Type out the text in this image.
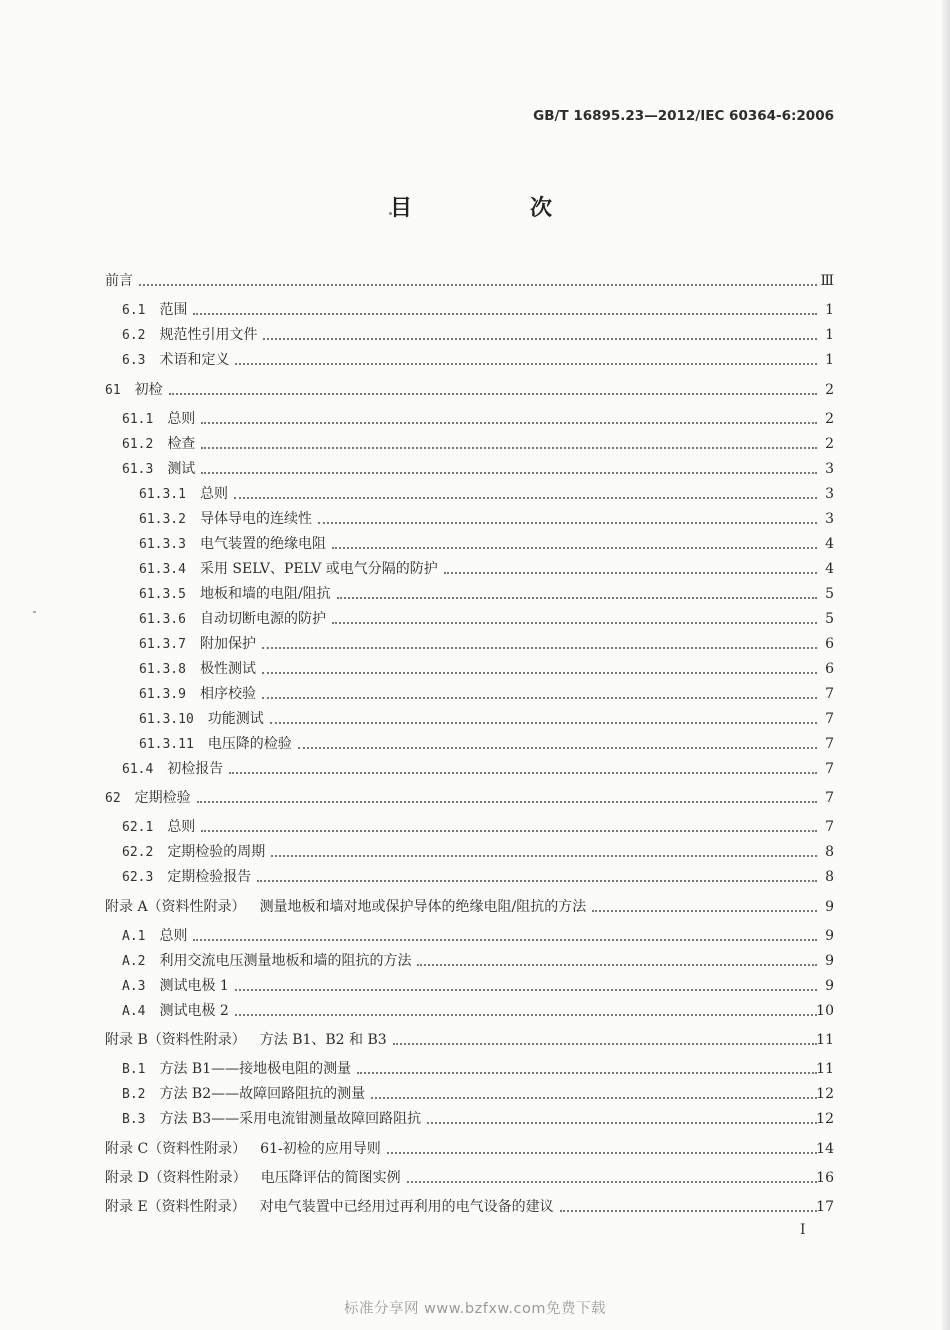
GB/T 16895.23—2012/IEC 60364-6:2006
目　次
前言	Ⅲ
6.1 范围	1
6.2 规范性引用文件	1
6.3 术语和定义	1
61 初检	2
61.1 总则	2
61.2 检查	2
61.3 测试	3
61.3.1 总则	3
61.3.2 导体导电的连续性	3
61.3.3 电气装置的绝缘电阻	4
61.3.4 采用 SELV、PELV 或电气分隔的防护	4
61.3.5 地板和墙的电阻/阻抗	5
61.3.6 自动切断电源的防护	5
61.3.7 附加保护	6
61.3.8 极性测试	6
61.3.9 相序校验	7
61.3.10 功能测试	7
61.3.11 电压降的检验	7
61.4 初检报告	7
62 定期检验	7
62.1 总则	7
62.2 定期检验的周期	8
62.3 定期检验报告	8
附录 A（资料性附录） 测量地板和墙对地或保护导体的绝缘电阻/阻抗的方法	9
A.1 总则	9
A.2 利用交流电压测量地板和墙的阻抗的方法	9
A.3 测试电极 1	9
A.4 测试电极 2	10
附录 B（资料性附录） 方法 B1、B2 和 B3	11
B.1 方法 B1——接地极电阻的测量	11
B.2 方法 B2——故障回路阻抗的测量	12
B.3 方法 B3——采用电流钳测量故障回路阻抗	12
附录 C（资料性附录） 61-初检的应用导则	14
附录 D（资料性附录） 电压降评估的简图实例	16
附录 E（资料性附录） 对电气装置中已经用过再利用的电气设备的建议	17
I
标准分享网 www.bzfxw.com免费下载
